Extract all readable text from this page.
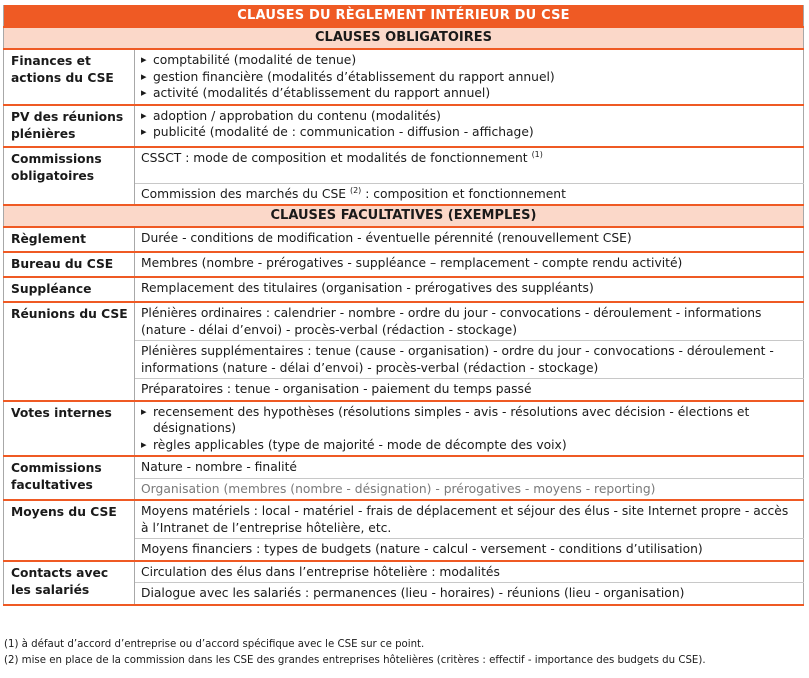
CLAUSES DU RÈGLEMENT INTÉRIEUR DU CSE	
CLAUSES OBLIGATOIRES	
Finances et actions du CSE	▸ comptabilité (modalité de tenue)
▸ gestion financière (modalités d’établissement du rapport annuel)
▸ activité (modalités d’établissement du rapport annuel)

PV des réunions plénières	▸ adoption / approbation du contenu (modalités)
▸ publicité (modalité de : communication - diffusion - affichage)

Commissions obligatoires	CSSCT : mode de composition et modalités de fonctionnement $^{(1)}$
	Commission des marchés du CSE $^{(2)}$ : composition et fonctionnement
CLAUSES FACULTATIVES (EXEMPLES)	
Règlement	Durée - conditions de modification - éventuelle pérennité (renouvellement CSE)
Bureau du CSE	Membres (nombre - prérogatives - suppléance – remplacement - compte rendu activité)
Suppléance	Remplacement des titulaires (organisation - prérogatives des suppléants)
Réunions du CSE	Plénières ordinaires : calendrier - nombre - ordre du jour - convocations - déroulement - informations (nature - délai d’envoi) - procès-verbal (rédaction - stockage)
	Plénières supplémentaires : tenue (cause - organisation) - ordre du jour - convocations - déroulement - informations (nature - délai d’envoi) - procès-verbal (rédaction - stockage)
	Préparatoires : tenue - organisation - paiement du temps passé
Votes internes	▸ recensement des hypothèses (résolutions simples - avis - résolutions avec décision - élections et désignations)
▸ règles applicables (type de majorité - mode de décompte des voix)

Commissions facultatives	Nature - nombre - finalité
	Organisation (membres (nombre - désignation) - prérogatives - moyens - reporting)
Moyens du CSE	Moyens matériels : local - matériel - frais de déplacement et séjour des élus - site Internet propre - accès à l’Intranet de l’entreprise hôtelière, etc.
	Moyens financiers : types de budgets (nature - calcul - versement - conditions d’utilisation)
Contacts avec les salariés	Circulation des élus dans l’entreprise hôtelière : modalités
	Dialogue avec les salariés : permanences (lieu - horaires) - réunions (lieu - organisation)
(1) à défaut d’accord d’entreprise ou d’accord spécifique avec le CSE sur ce point.
(2) mise en place de la commission dans les CSE des grandes entreprises hôtelières (critères : effectif - importance des budgets du CSE).
